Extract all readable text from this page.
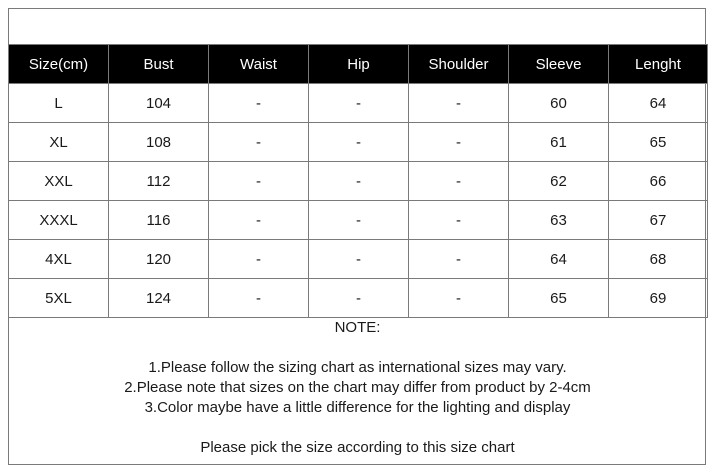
Size(cm)	Bust	Waist	Hip	Shoulder	Sleeve	Lenght
L	104	-	-	-	60	64
XL	108	-	-	-	61	65
XXL	112	-	-	-	62	66
XXXL	116	-	-	-	63	67
4XL	120	-	-	-	64	68
5XL	124	-	-	-	65	69
NOTE:
1.Please follow the sizing chart as international sizes may vary.
2.Please note that sizes on the chart may differ from product by 2-4cm
3.Color maybe have a little difference for the lighting and display
Please pick the size according to this size chart
